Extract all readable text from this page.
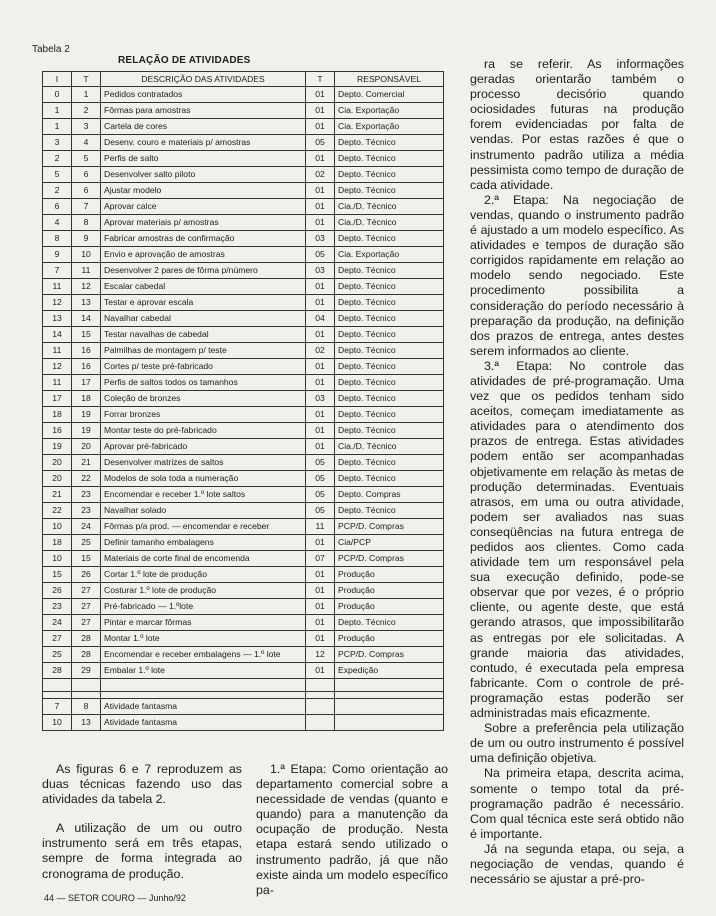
Tabela 2
RELAÇÃO DE ATIVIDADES
I	T	DESCRIÇÃO DAS ATIVIDADES	T	RESPONSÁVEL
0	1	Pedidos contratados	01	Depto. Comercial
1	2	Fôrmas para amostras	01	Cia. Exportação
1	3	Cartela de cores	01	Cia. Exportação
3	4	Desenv. couro e materiais p/ amostras	05	Depto. Técnico
2	5	Perfis de salto	01	Depto. Técnico
5	6	Desenvolver salto piloto	02	Depto. Técnico
2	6	Ajustar modelo	01	Depto. Técnico
6	7	Aprovar calce	01	Cia./D. Técnico
4	8	Aprovar materiais p/ amostras	01	Cia./D. Técnico
8	9	Fabricar amostras de confirmação	03	Depto. Técnico
9	10	Envio e aprovação de amostras	05	Cia. Exportação
7	11	Desenvolver 2 pares de fôrma p/número	03	Depto. Técnico
11	12	Escalar cabedal	01	Depto. Técnico
12	13	Testar e aprovar escala	01	Depto. Técnico
13	14	Navalhar cabedal	04	Depto. Técnico
14	15	Testar navalhas de cabedal	01	Depto. Técnico
11	16	Palmilhas de montagem p/ teste	02	Depto. Técnico
12	16	Cortes p/ teste pré-fabricado	01	Depto. Técnico
11	17	Perfis de saltos todos os tamanhos	01	Depto. Técnico
17	18	Coleção de bronzes	03	Depto. Técnico
18	19	Forrar bronzes	01	Depto. Técnico
16	19	Montar teste do pré-fabricado	01	Depto. Técnico
19	20	Aprovar pré-fabricado	01	Cia./D. Técnico
20	21	Desenvolver matrizes de saltos	05	Depto. Técnico
20	22	Modelos de sola toda a numeração	05	Depto. Técnico
21	23	Encomendar e receber 1.º lote saltos	05	Depto. Compras
22	23	Navalhar solado	05	Depto. Técnico
10	24	Fôrmas p/a prod. — encomendar e receber	11	PCP/D. Compras
18	25	Definir tamanho embalagens	01	Cia/PCP
10	15	Materiais de corte final de encomenda	07	PCP/D. Compras
15	26	Cortar 1.º lote de produção	01	Produção
26	27	Costurar 1.º lote de produção	01	Produção
23	27	Pré-fabricado — 1.ºlote	01	Produção
24	27	Pintar e marcar fôrmas	01	Depto. Técnico
27	28	Montar 1.º lote	01	Produção
25	28	Encomendar e receber embalagens — 1.º lote	12	PCP/D. Compras
28	29	Embalar 1.º lote	01	Expedição

7	8	Atividade fantasma		
10	13	Atividade fantasma		

ra se referir. As informações geradas orientarão também o processo decisório quando ociosidades futuras na produção forem evidenciadas por falta de vendas. Por estas razões é que o instrumento padrão utiliza a média pessimista como tempo de duração de cada atividade.

2.ª Etapa: Na negociação de vendas, quando o instrumento padrão é ajustado a um modelo específico. As atividades e tempos de duração são corrigidos rapidamente em relação ao modelo sendo negociado. Este procedimento possibilita a consideração do período necessário à preparação da produção, na definição dos prazos de entrega, antes destes serem informados ao cliente.

3.ª Etapa: No controle das atividades de pré-programação. Uma vez que os pedidos tenham sido aceitos, começam imediatamente as atividades para o atendimento dos prazos de entrega. Estas atividades podem então ser acompanhadas objetivamente em relação às metas de produção determinadas. Eventuais atrasos, em uma ou outra atividade, podem ser avaliados nas suas conseqüências na futura entrega de pedidos aos clientes. Como cada atividade tem um responsável pela sua execução definido, pode-se observar que por vezes, é o próprio cliente, ou agente deste, que está gerando atrasos, que impossibilitarão as entregas por ele solicitadas. A grande maioria das atividades, contudo, é executada pela empresa fabricante. Com o controle de pré-programação estas poderão ser administradas mais eficazmente.

Sobre a preferência pela utilização de um ou outro instrumento é possível uma definição objetiva.

Na primeira etapa, descrita acima, somente o tempo total da pré-programação padrão é necessário. Com qual técnica este será obtido não é importante.

Já na segunda etapa, ou seja, a negociação de vendas, quando é necessário se ajustar a pré-pro-

As figuras 6 e 7 reproduzem as duas técnicas fazendo uso das atividades da tabela 2.

A utilização de um ou outro instrumento será em três etapas, sempre de forma integrada ao cronograma de produção.

1.ª Etapa: Como orientação ao departamento comercial sobre a necessidade de vendas (quanto e quando) para a manutenção da ocupação de produção. Nesta etapa estará sendo utilizado o instrumento padrão, já que não existe ainda um modelo específico pa-

44 — SETOR COURO — Junho/92
